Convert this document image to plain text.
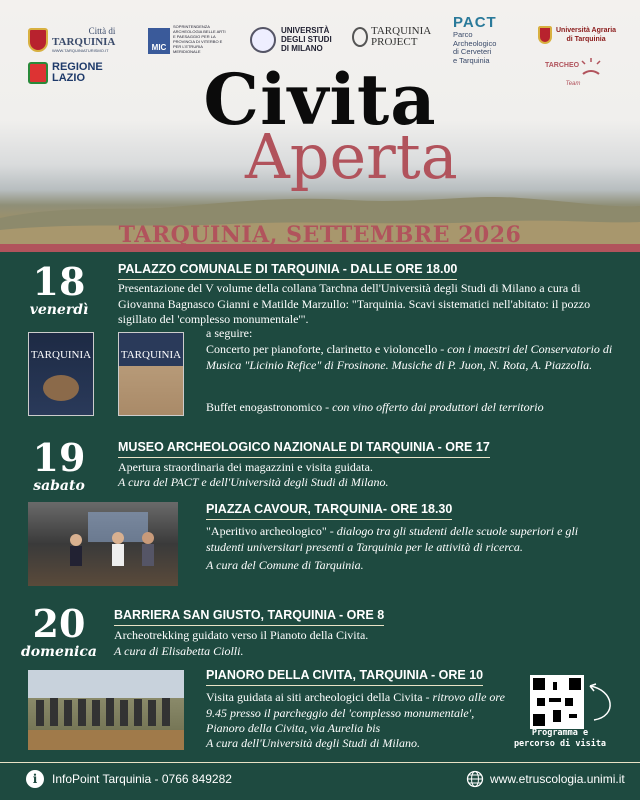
Città di
TARQUINIA
WWW.TARQUINIATURISMO.IT
REGIONE
LAZIO
MIC
SOPRINTENDENZA ARCHEOLOGIA BELLE ARTI E PAESAGGIO PER LA PROVINCIA DI VITERBO E PER L'ETRURIA MERIDIONALE
UNIVERSITÀ
DEGLI STUDI
DI MILANO
TARQUINIA
PROJECT
PACT
Parco
Archeologico
di Cerveteri
e Tarquinia
Università Agraria
di Tarquinia
TARCHEO
Team
Civita
Aperta
TARQUINIA, SETTEMBRE 2026
18
venerdì
PALAZZO COMUNALE DI TARQUINIA - DALLE ORE 18.00
Presentazione del V volume della collana Tarchna dell'Università degli Studi di Milano a cura di Giovanna Bagnasco Gianni e Matilde Marzullo: "Tarquinia. Scavi sistematici nell'abitato: il pozzo sigillato del 'complesso monumentale'".
TARQUINIA	TARQUINIA
a seguire:
Concerto per pianoforte, clarinetto e violoncello - con i maestri del Conservatorio di Musica "Licinio Refice" di Frosinone. Musiche di P. Juon, N. Rota, A. Piazzolla.
Buffet enogastronomico - con vino offerto dai produttori del territorio
19
sabato
MUSEO ARCHEOLOGICO NAZIONALE DI TARQUINIA - ORE 17
Apertura straordinaria dei magazzini e visita guidata.
A cura del PACT e dell'Università degli Studi di Milano.
PIAZZA CAVOUR, TARQUINIA- ORE 18.30
"Aperitivo archeologico" - dialogo tra gli studenti delle scuole superiori e gli studenti universitari presenti a Tarquinia per le attività di ricerca.
A cura del Comune di Tarquinia.
20
domenica
BARRIERA SAN GIUSTO, TARQUINIA - ORE 8
Archeotrekking guidato verso il Pianoto della Civita.
A cura di Elisabetta Ciolli.
PIANORO DELLA CIVITA, TARQUINIA - ORE 10
Visita guidata ai siti archeologici della Civita - ritrovo alle ore 9.45 presso il parcheggio del 'complesso monumentale', Pianoro della Civita, via Aurelia bis
A cura dell'Università degli Studi di Milano.
Programma e
percorso di visita
i	InfoPoint Tarquinia - 0766 849282	www.etruscologia.unimi.it
